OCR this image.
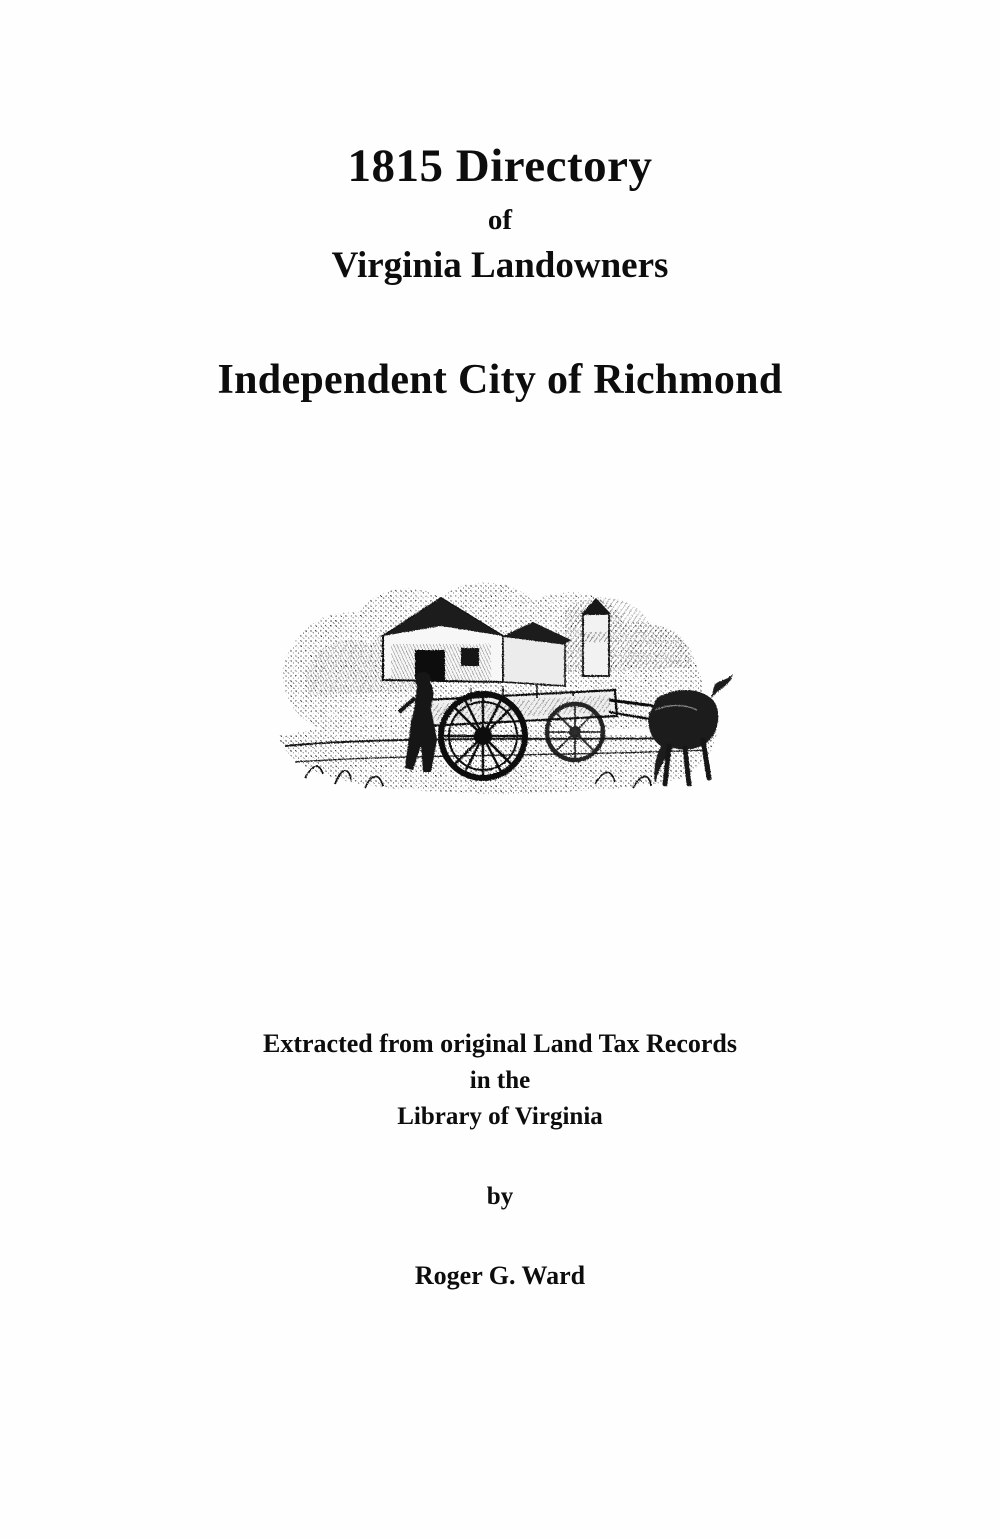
1815 Directory
of
Virginia Landowners
Independent City of Richmond
Extracted from original Land Tax Records
in the
Library of Virginia
by
Roger G. Ward
